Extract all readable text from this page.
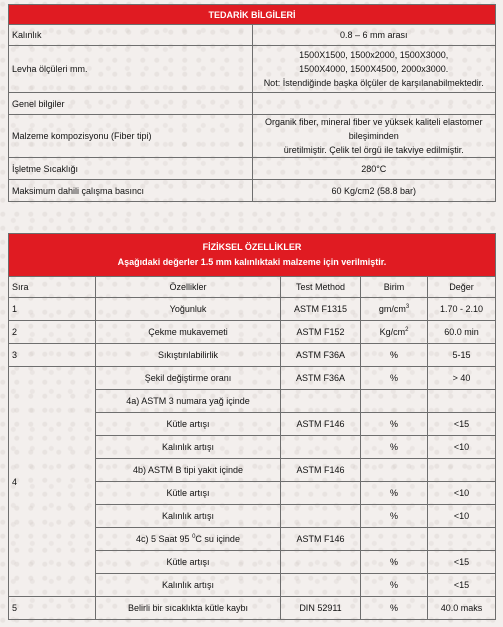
TEDARİK BİLGİLERİ	
Kalınlık	0.8 – 6 mm arası
Levha ölçüleri mm.	1500X1500, 1500x2000, 1500X3000,
1500X4000, 1500X4500, 2000x3000.
Not: İstendiğinde başka ölçüler de karşılanabilmektedir.

Genel bilgiler	
Malzeme kompozisyonu (Fiber tipi)	Organik fiber, mineral fiber ve yüksek kaliteli elastomer bileşiminden
üretilmiştir. Çelik tel örgü ile takviye edilmiştir.

İşletme Sıcaklığı	280°C
Maksimum dahili çalışma basıncı	60 Kg/cm2 (58.8 bar)
FİZİKSEL ÖZELLİKLER
Aşağıdaki değerler 1.5 mm kalınlıktaki malzeme için verilmiştir.				

Sıra	Özellikler	Test Method	Birim	Değer
1	Yoğunluk	ASTM F1315	$gm/cm^3$	1.70 - 2.10
2	Çekme mukavemeti	ASTM F152	$Kg/cm^2$	60.0 min
3	Sıkıştırılabilirlik	ASTM F36A	%	5-15
4	Şekil değiştirme oranı	ASTM F36A	%	> 40
	4a) ASTM 3 numara yağ içinde			
	Kütle artışı	ASTM F146	%	<15
	Kalınlık artışı		%	<10
	4b) ASTM B tipi yakıt içinde	ASTM F146		
	Kütle artışı		%	<10
	Kalınlık artışı		%	<10
	4c) 5 Saat 95 $^0$C su içinde	ASTM F146		
	Kütle artışı		%	<15
	Kalınlık artışı		%	<15
5	Belirli bir sıcaklıkta kütle kaybı	DIN 52911	%	40.0 maks
